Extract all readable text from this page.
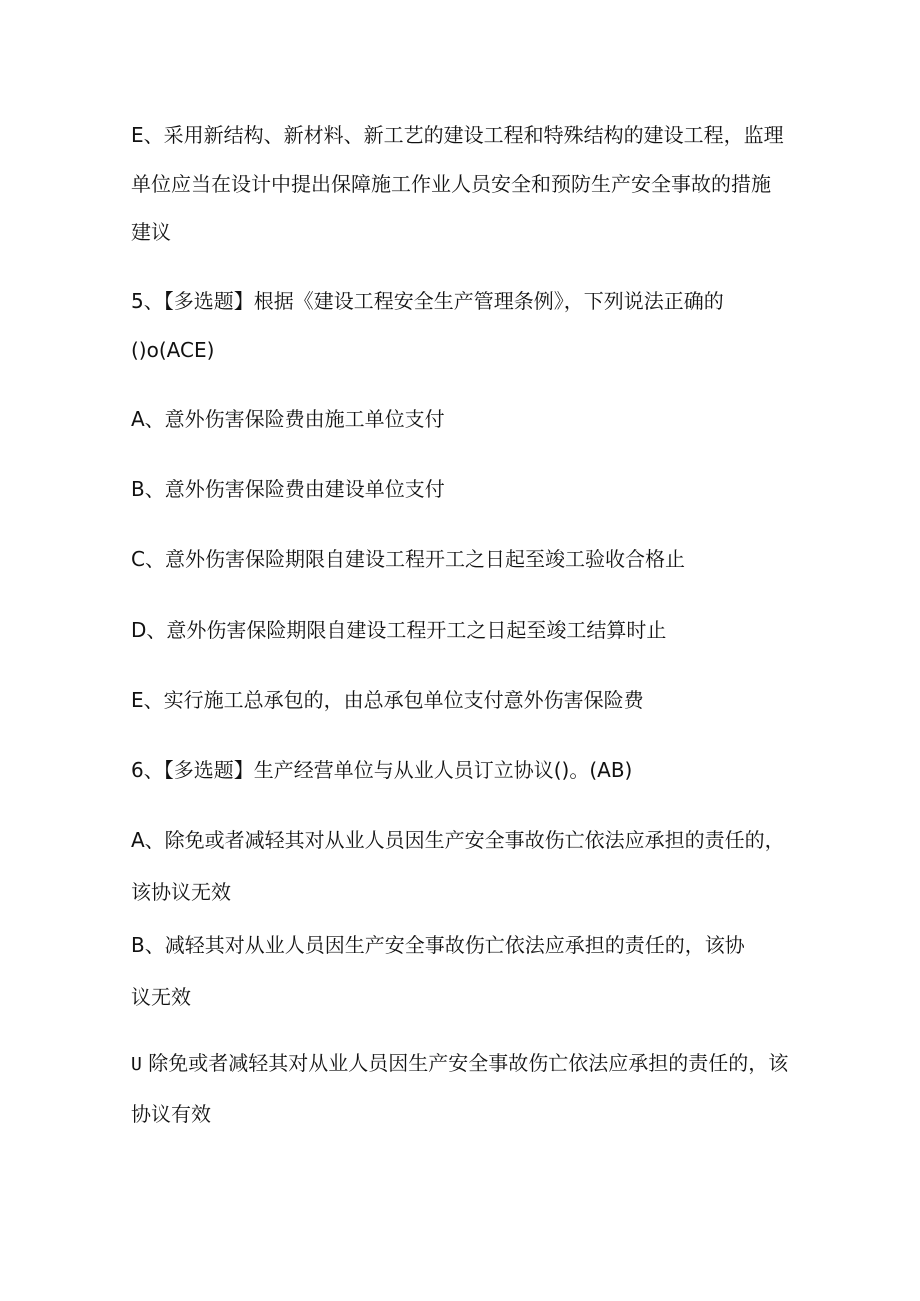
E、采用新结构、新材料、新工艺的建设工程和特殊结构的建设工程，监理
单位应当在设计中提出保障施工作业人员安全和预防生产安全事故的措施
建议
5、【多选题】根据《建设工程安全生产管理条例》，下列说法正确的
()o(ACE)
A、意外伤害保险费由施工单位支付
B、意外伤害保险费由建设单位支付
C、意外伤害保险期限自建设工程开工之日起至竣工验收合格止
D、意外伤害保险期限自建设工程开工之日起至竣工结算时止
E、实行施工总承包的，由总承包单位支付意外伤害保险费
6、【多选题】生产经营单位与从业人员订立协议()。(AB)
A、除免或者减轻其对从业人员因生产安全事故伤亡依法应承担的责任的，
该协议无效
B、减轻其对从业人员因生产安全事故伤亡依法应承担的责任的，该协
议无效
U 除免或者减轻其对从业人员因生产安全事故伤亡依法应承担的责任的，该
协议有效
